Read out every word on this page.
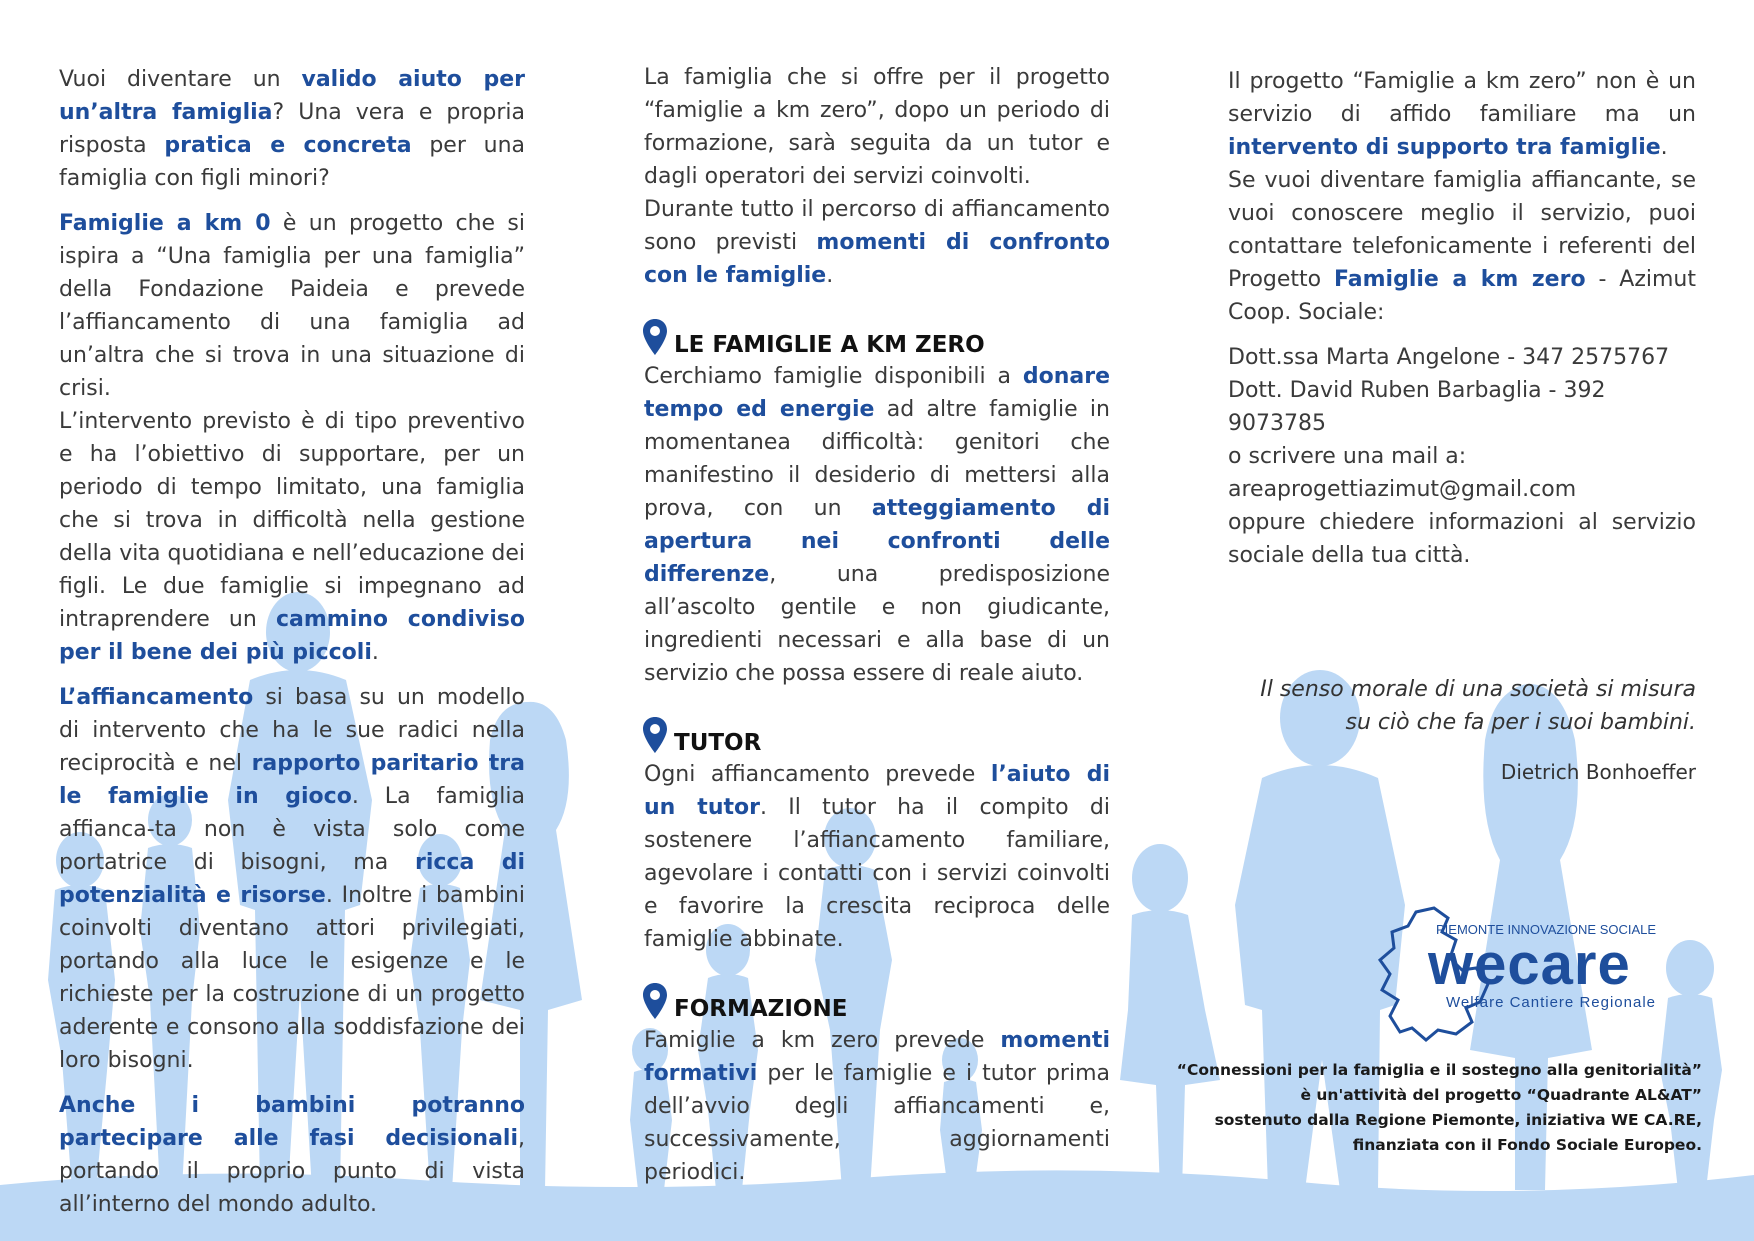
Vuoi diventare un valido aiuto per un’altra famiglia? Una vera e propria risposta pratica e concreta per una famiglia con figli minori?

Famiglie a km 0 è un progetto che si ispira a “Una famiglia per una famiglia” della Fondazione Paideia e prevede l’affiancamento di una famiglia ad un’altra che si trova in una situazione di crisi.

L’intervento previsto è di tipo preventivo e ha l’obiettivo di supportare, per un periodo di tempo limitato, una famiglia che si trova in difficoltà nella gestione della vita quotidiana e nell’educazione dei figli. Le due famiglie si impegnano ad intraprendere un cammino condiviso per il bene dei più piccoli.

L’affiancamento si basa su un modello di intervento che ha le sue radici nella reciprocità e nel rapporto paritario tra le famiglie in gioco. La famiglia affianca-ta non è vista solo come portatrice di bisogni, ma ricca di potenzialità e risorse. Inoltre i bambini coinvolti diventano attori privilegiati, portando alla luce le esigenze e le richieste per la costruzione di un progetto aderente e consono alla soddisfazione dei loro bisogni.

Anche i bambini potranno partecipare alle fasi decisionali, portando il proprio punto di vista all’interno del mondo adulto.

La famiglia che si offre per il progetto “famiglie a km zero”, dopo un periodo di formazione, sarà seguita da un tutor e dagli operatori dei servizi coinvolti.

Durante tutto il percorso di affiancamento sono previsti momenti di confronto con le famiglie.

LE FAMIGLIE A KM ZERO

Cerchiamo famiglie disponibili a donare tempo ed energie ad altre famiglie in momentanea difficoltà: genitori che manifestino il desiderio di mettersi alla prova, con un atteggiamento di apertura nei confronti delle differenze, una predisposizione all’ascolto gentile e non giudicante, ingredienti necessari e alla base di un servizio che possa essere di reale aiuto.

TUTOR

Ogni affiancamento prevede l’aiuto di un tutor. Il tutor ha il compito di sostenere l’affiancamento familiare, agevolare i contatti con i servizi coinvolti e favorire la crescita reciproca delle famiglie abbinate.

FORMAZIONE

Famiglie a km zero prevede momenti formativi per le famiglie e i tutor prima dell’avvio degli affiancamenti e, successivamente, aggiornamenti periodici.

Il progetto “Famiglie a km zero” non è un servizio di affido familiare ma un intervento di supporto tra famiglie.

Se vuoi diventare famiglia affiancante, se vuoi conoscere meglio il servizio, puoi contattare telefonicamente i referenti del Progetto Famiglie a km zero - Azimut Coop. Sociale:

Dott.ssa Marta Angelone - 347 2575767
Dott. David Ruben Barbaglia - 392 9073785
o scrivere una mail a:
areaprogettiazimut@gmail.com
oppure chiedere informazioni al servizio sociale della tua città.
Il senso morale di una società si misura
su ciò che fa per i suoi bambini.
Dietrich Bonhoeffer
PIEMONTE INNOVAZIONE SOCIALE
wecare
Welfare Cantiere Regionale

“Connessioni per la famiglia e il sostegno alla genitorialità”

è un'attività del progetto “Quadrante AL&AT”

sostenuto dalla Regione Piemonte, iniziativa WE CA.RE,

finanziata con il Fondo Sociale Europeo.
